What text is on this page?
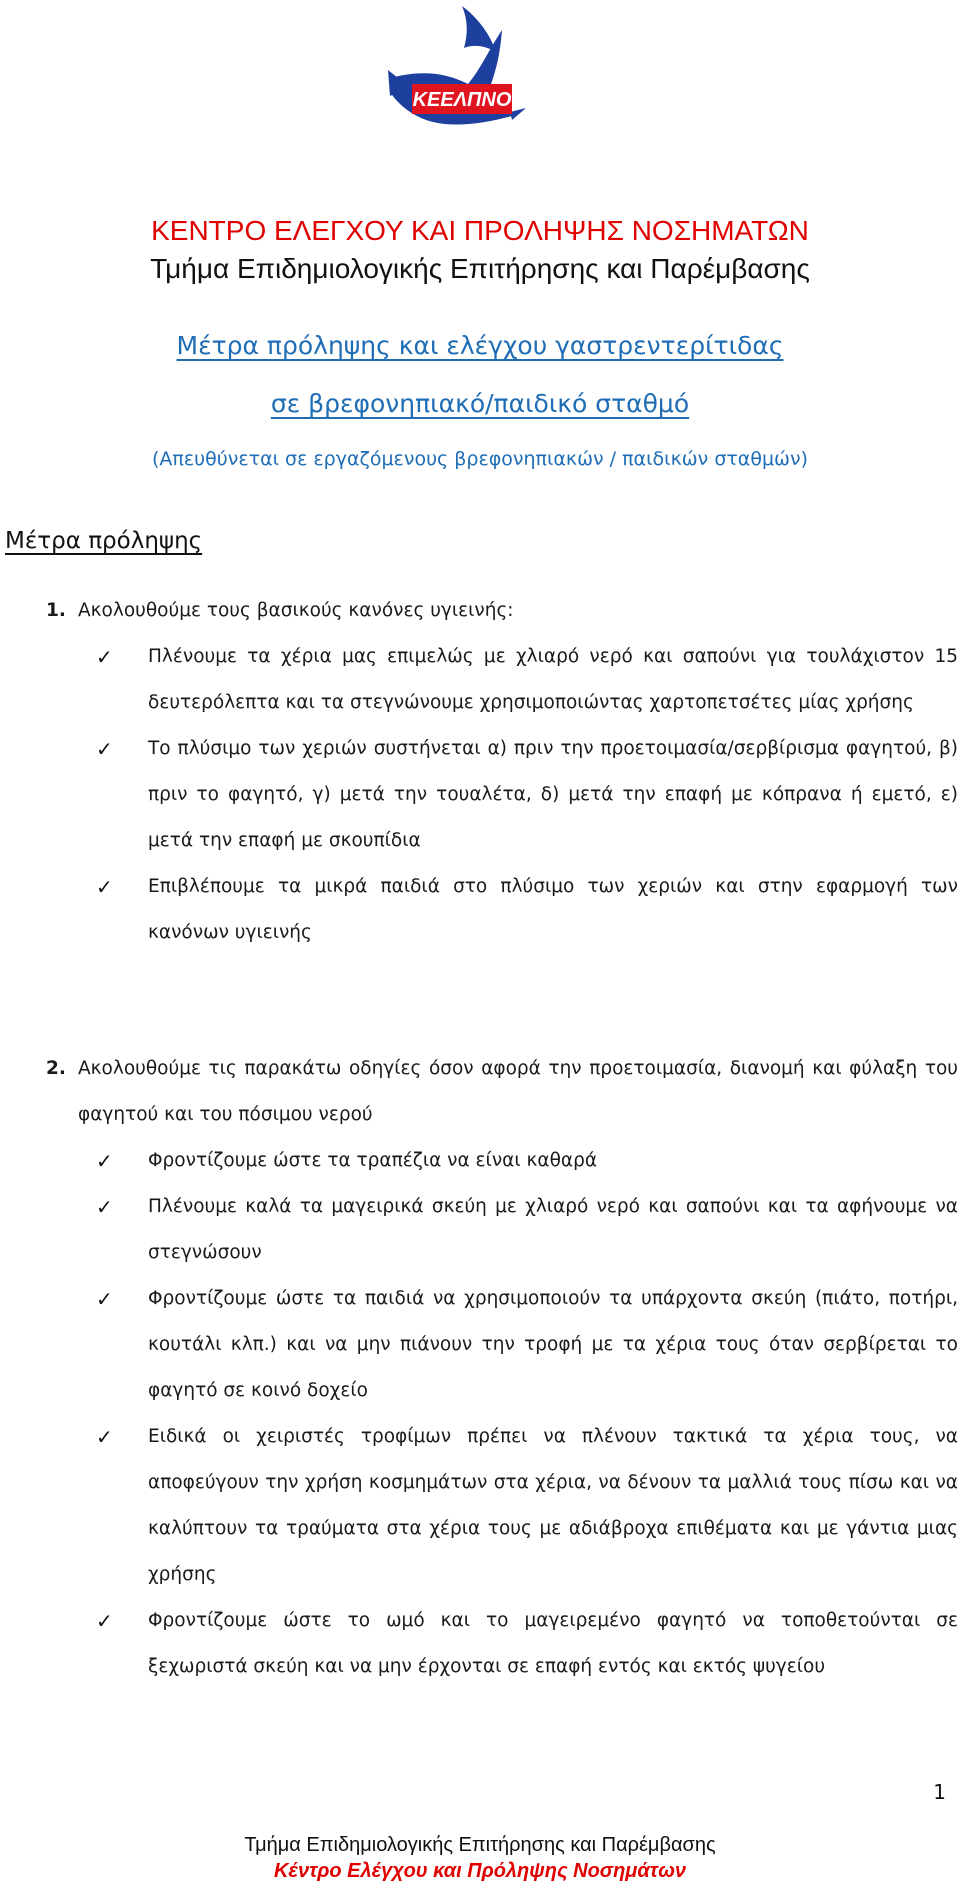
ΚΕΕΛΠΝΟ
ΚΕΝΤΡΟ ΕΛΕΓΧΟΥ ΚΑΙ ΠΡΟΛΗΨΗΣ ΝΟΣΗΜΑΤΩΝ
Τμήμα Επιδημιολογικής Επιτήρησης και Παρέμβασης
Μέτρα πρόληψης και ελέγχου γαστρεντερίτιδας
σε βρεφονηπιακό/παιδικό σταθμό
(Απευθύνεται σε εργαζόμενους βρεφονηπιακών / παιδικών σταθμών)
Μέτρα πρόληψης
1. Ακολουθούμε τους βασικούς κανόνες υγιεινής:

✓ Πλένουμε τα χέρια μας επιμελώς με χλιαρό νερό και σαπούνι για τουλάχιστον 15 δευτερόλεπτα και τα στεγνώνουμε χρησιμοποιώντας χαρτοπετσέτες μίας χρήσης
✓ Το πλύσιμο των χεριών συστήνεται α) πριν την προετοιμασία/σερβίρισμα φαγητού, β) πριν το φαγητό, γ) μετά την τουαλέτα, δ) μετά την επαφή με κόπρανα ή εμετό, ε) μετά την επαφή με σκουπίδια
✓ Επιβλέπουμε τα μικρά παιδιά στο πλύσιμο των χεριών και στην εφαρμογή των κανόνων υγιεινής
2. Ακολουθούμε τις παρακάτω οδηγίες όσον αφορά την προετοιμασία, διανομή και φύλαξη του φαγητού και του πόσιμου νερού

✓ Φροντίζουμε ώστε τα τραπέζια να είναι καθαρά
✓ Πλένουμε καλά τα μαγειρικά σκεύη με χλιαρό νερό και σαπούνι και τα αφήνουμε να στεγνώσουν
✓ Φροντίζουμε ώστε τα παιδιά να χρησιμοποιούν τα υπάρχοντα σκεύη (πιάτο, ποτήρι, κουτάλι κλπ.) και να μην πιάνουν την τροφή με τα χέρια τους όταν σερβίρεται το φαγητό σε κοινό δοχείο
✓ Ειδικά οι χειριστές τροφίμων πρέπει να πλένουν τακτικά τα χέρια τους, να αποφεύγουν την χρήση κοσμημάτων στα χέρια, να δένουν τα μαλλιά τους πίσω και να καλύπτουν τα τραύματα στα χέρια τους με αδιάβροχα επιθέματα και με γάντια μιας χρήσης
✓ Φροντίζουμε ώστε το ωμό και το μαγειρεμένο φαγητό να τοποθετούνται σε ξεχωριστά σκεύη και να μην έρχονται σε επαφή εντός και εκτός ψυγείου
1
Τμήμα Επιδημιολογικής Επιτήρησης και Παρέμβασης
Κέντρο Ελέγχου και Πρόληψης Νοσημάτων
